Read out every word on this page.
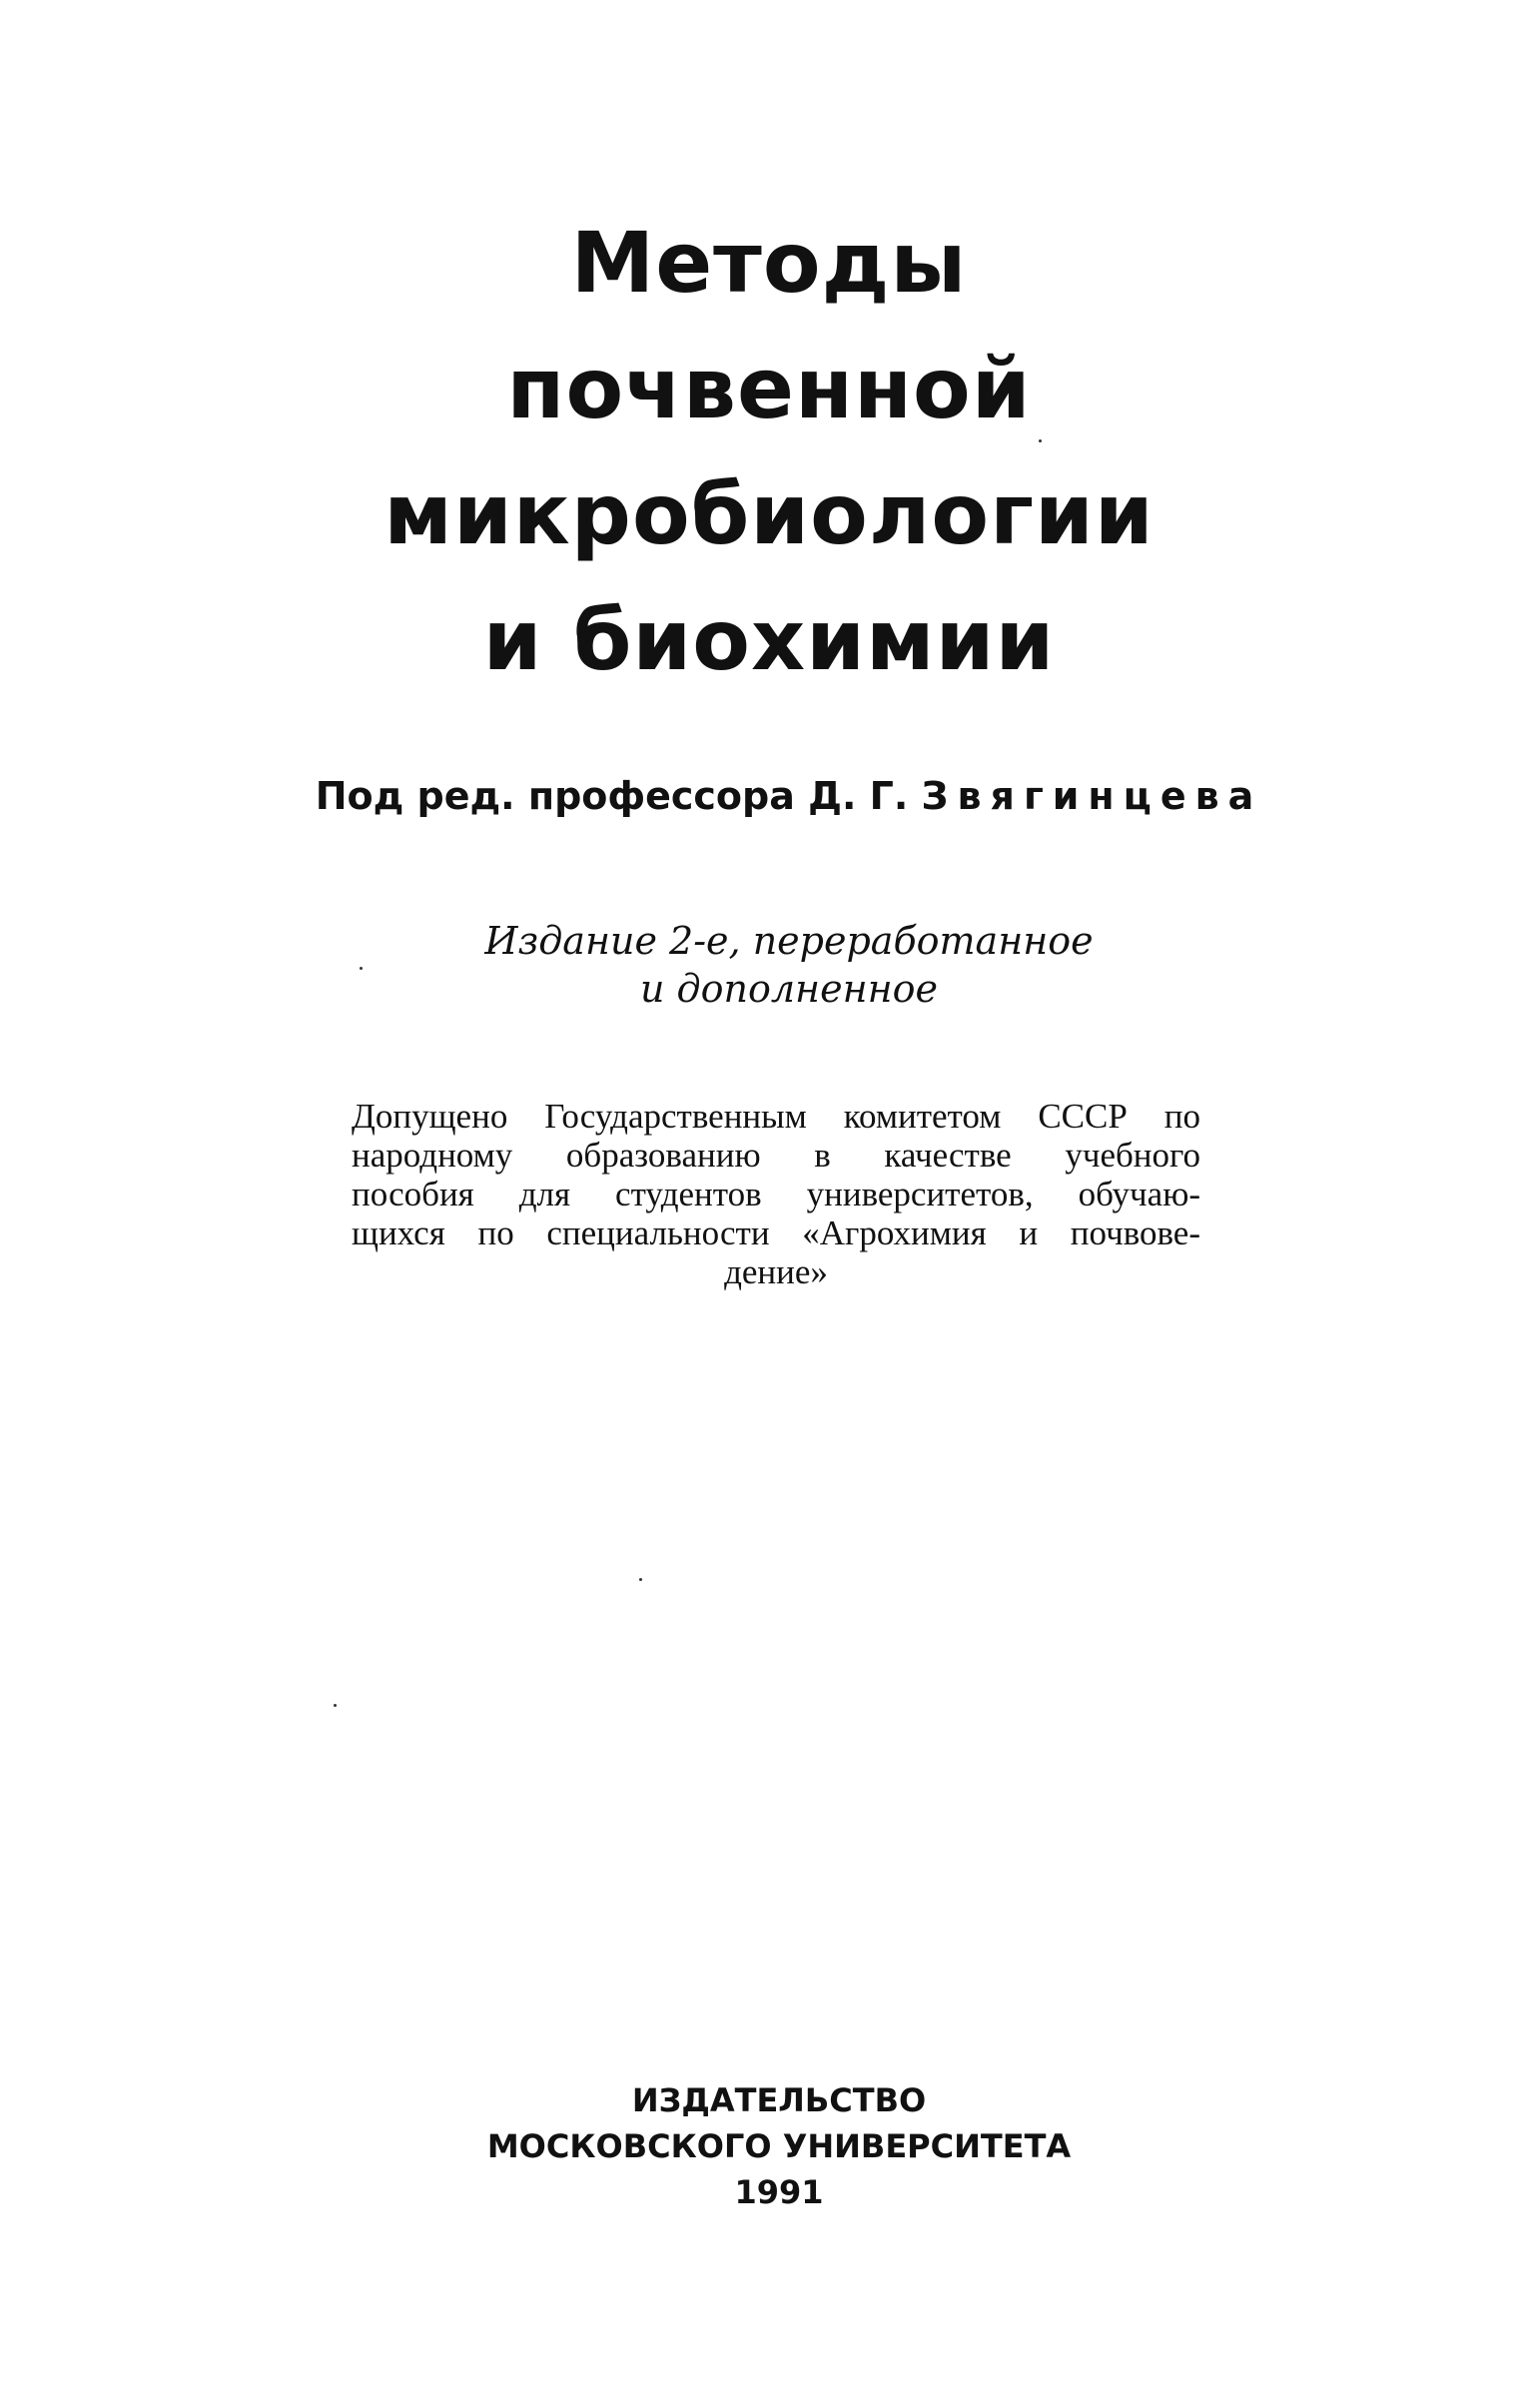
Методы
почвенной
микробиологии
и биохимии
Под ред. профессора Д. Г. Звягинцева
Издание 2-е, переработанное
и дополненное
Допущено Государственным комитетом СССР по
народному образованию в качестве учебного
пособия для студентов университетов, обучаю-
щихся по специальности «Агрохимия и почвове-
дение»
ИЗДАТЕЛЬСТВО
МОСКОВСКОГО УНИВЕРСИТЕТА
1991
